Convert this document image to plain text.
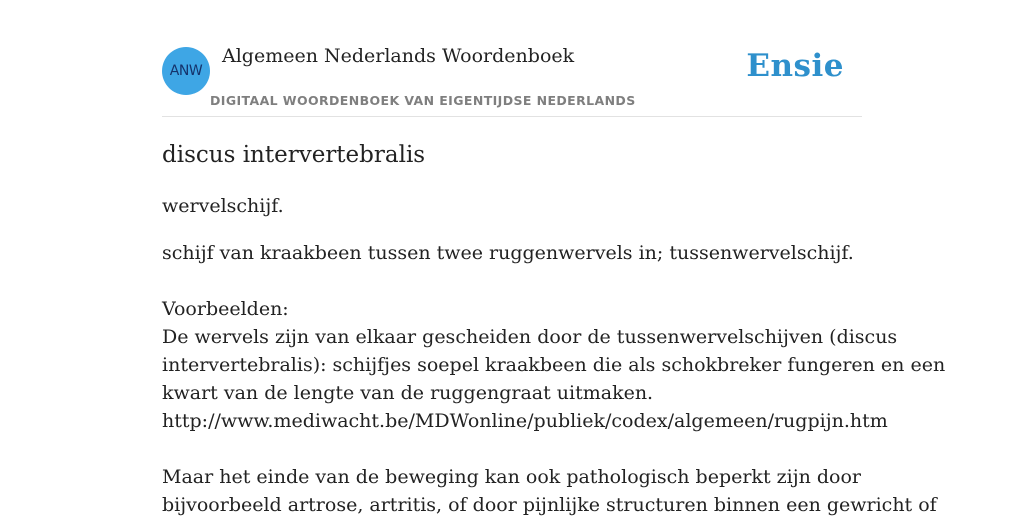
ANW
Algemeen Nederlands Woordenboek
DIGITAAL WOORDENBOEK VAN EIGENTIJDSE NEDERLANDS
Ensie
discus intervertebralis
wervelschijf.
schijf van kraakbeen tussen twee ruggenwervels in; tussenwervelschijf.
Voorbeelden:
De wervels zijn van elkaar gescheiden door de tussenwervelschijven (discus
intervertebralis): schijfjes soepel kraakbeen die als schokbreker fungeren en een
kwart van de lengte van de ruggengraat uitmaken.
http://www.mediwacht.be/MDWonline/publiek/codex/algemeen/rugpijn.htm
Maar het einde van de beweging kan ook pathologisch beperkt zijn door
bijvoorbeeld artrose, artritis, of door pijnlijke structuren binnen een gewricht of
